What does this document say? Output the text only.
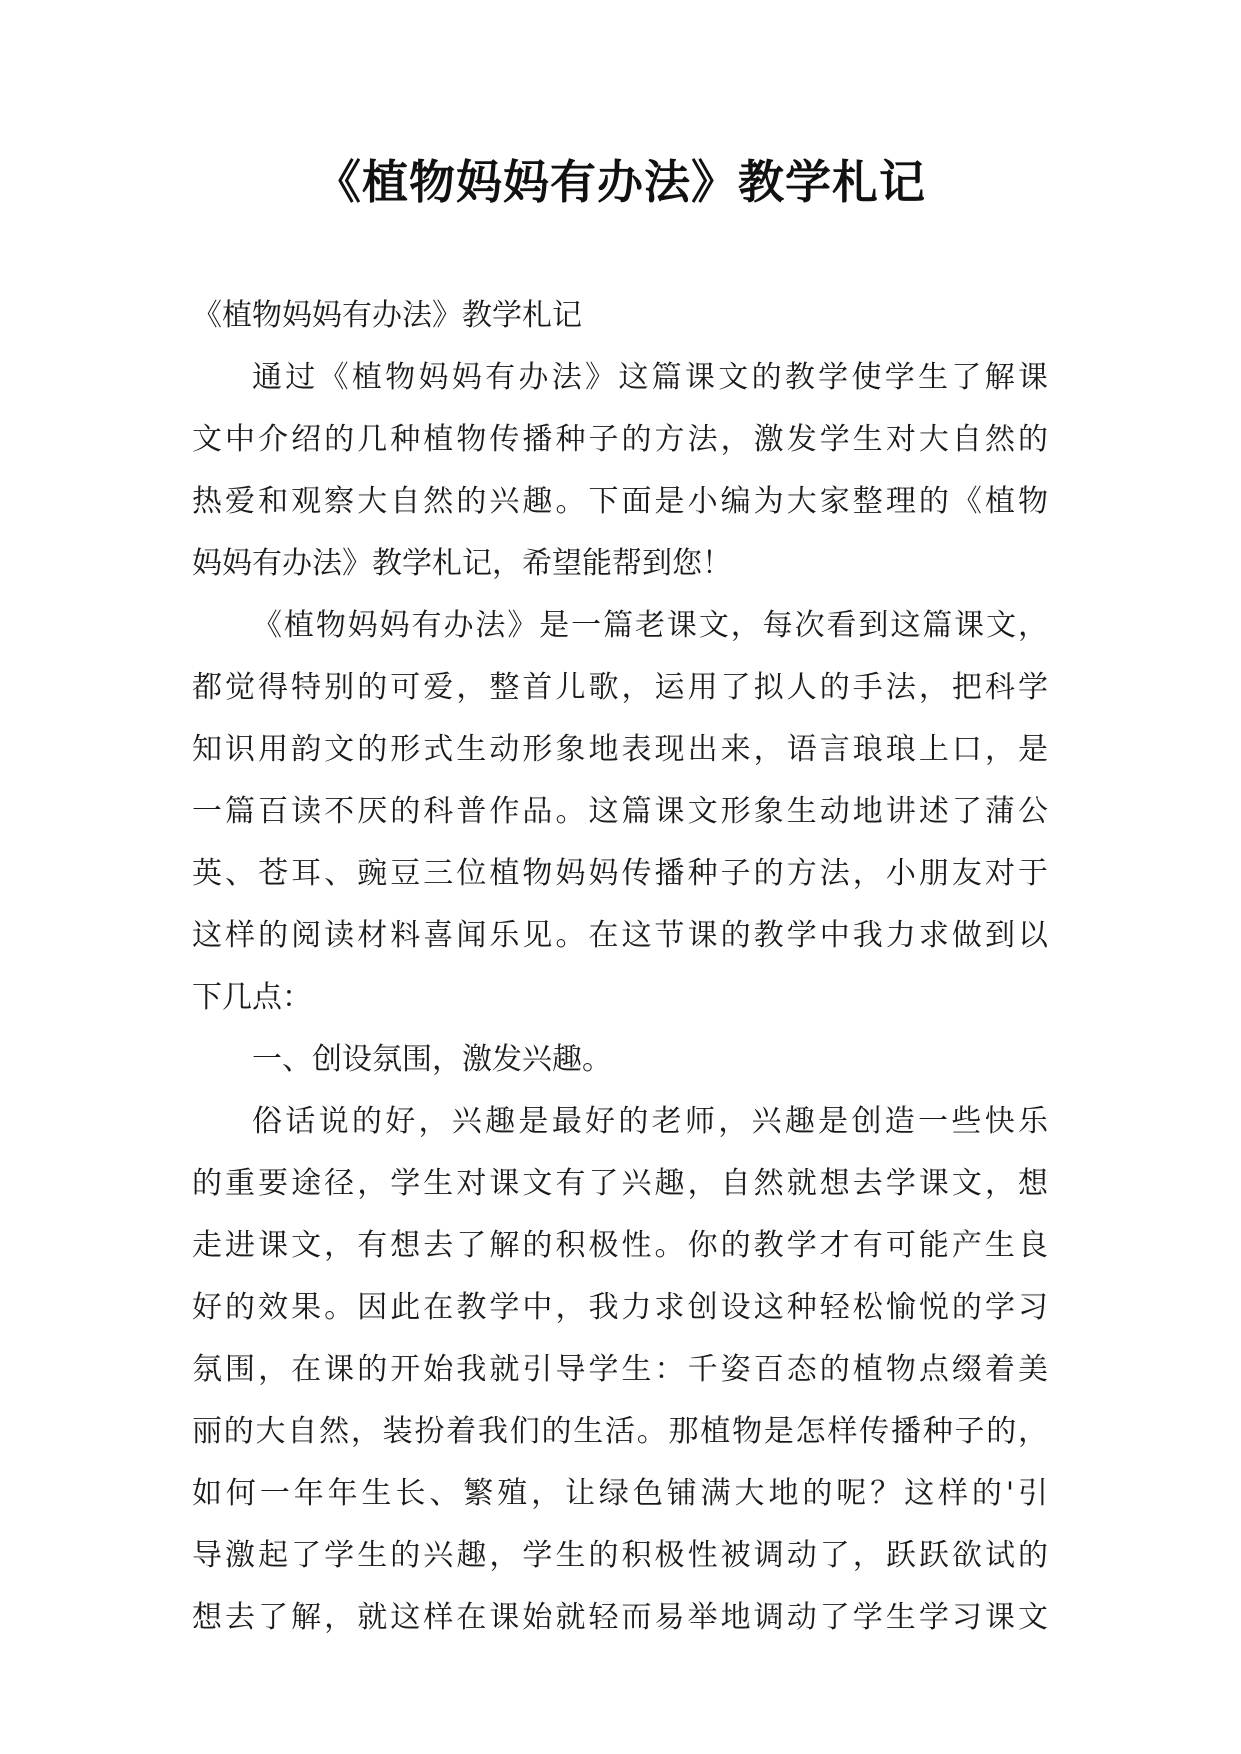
《植物妈妈有办法》教学札记
《植物妈妈有办法》教学札记
通过《植物妈妈有办法》这篇课文的教学使学生了解课
文中介绍的几种植物传播种子的方法，激发学生对大自然的
热爱和观察大自然的兴趣。下面是小编为大家整理的《植物
妈妈有办法》教学札记，希望能帮到您！
《植物妈妈有办法》是一篇老课文，每次看到这篇课文，
都觉得特别的可爱，整首儿歌，运用了拟人的手法，把科学
知识用韵文的形式生动形象地表现出来，语言琅琅上口，是
一篇百读不厌的科普作品。这篇课文形象生动地讲述了蒲公
英、苍耳、豌豆三位植物妈妈传播种子的方法，小朋友对于
这样的阅读材料喜闻乐见。在这节课的教学中我力求做到以
下几点：
一、创设氛围，激发兴趣。
俗话说的好，兴趣是最好的老师，兴趣是创造一些快乐
的重要途径，学生对课文有了兴趣，自然就想去学课文，想
走进课文，有想去了解的积极性。你的教学才有可能产生良
好的效果。因此在教学中，我力求创设这种轻松愉悦的学习
氛围，在课的开始我就引导学生：千姿百态的植物点缀着美
丽的大自然，装扮着我们的生活。那植物是怎样传播种子的，
如何一年年生长、繁殖，让绿色铺满大地的呢？这样的'引
导激起了学生的兴趣，学生的积极性被调动了，跃跃欲试的
想去了解，就这样在课始就轻而易举地调动了学生学习课文
